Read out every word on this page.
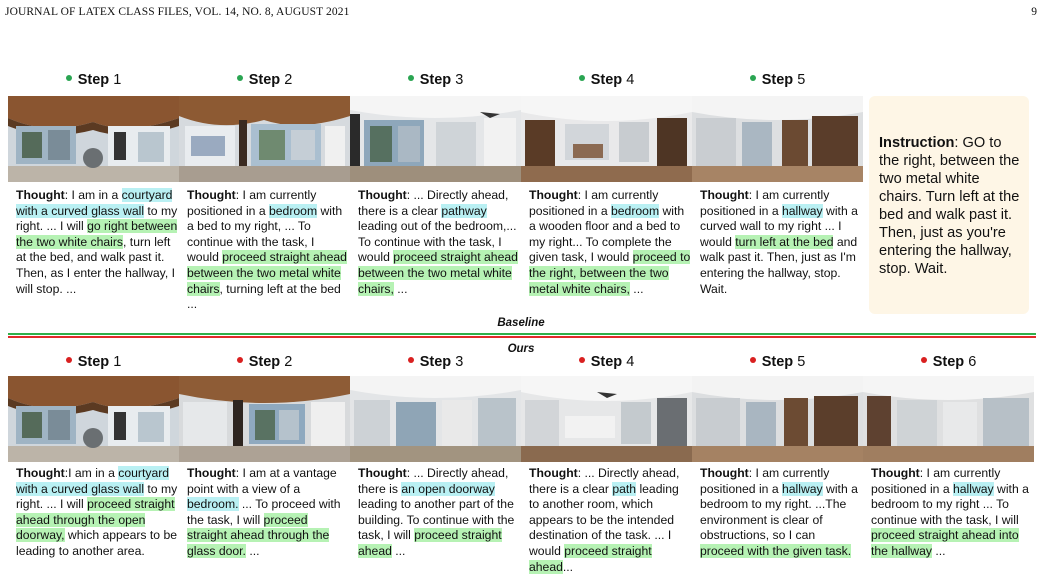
JOURNAL OF LATEX CLASS FILES, VOL. 14, NO. 8, AUGUST 2021	9
Step 1	Step 2	Step 3	Step 4	Step 5
Thought: I am in a courtyard with a curved glass wall to my right. ... I will go right between the two white chairs, turn left at the bed, and walk past it. Then, as I enter the hallway, I will stop. ...
Thought: I am currently positioned in a bedroom with a bed to my right, ... To continue with the task, I would proceed straight ahead between the two metal white chairs, turning left at the bed ...
Thought: ... Directly ahead, there is a clear pathway leading out of the bedroom,... To continue with the task, I would proceed straight ahead between the two metal white chairs, ...
Thought: I am currently positioned in a bedroom with a wooden floor and a bed to my right... To complete the given task, I would proceed to the right, between the two metal white chairs, ...
Thought: I am currently positioned in a hallway with a curved wall to my right ... I would turn left at the bed and walk past it. Then, just as I'm entering the hallway, stop. Wait.
Instruction: GO to the right, between the two metal white chairs. Turn left at the bed and walk past it. Then, just as you're entering the hallway, stop. Wait.
Baseline
Ours
Step 1	Step 2	Step 3	Step 4	Step 5	Step 6
Thought:I am in a courtyard with a curved glass wall to my right. ... I will proceed straight ahead through the open doorway, which appears to be leading to another area.
Thought: I am at a vantage point with a view of a bedroom. ... To proceed with the task, I will proceed straight ahead through the glass door. ...
Thought: ... Directly ahead, there is an open doorway leading to another part of the building. To continue with the task, I will proceed straight ahead ...
Thought: ... Directly ahead, there is a clear path leading to another room, which appears to be the intended destination of the task. ... I would proceed straight ahead...
Thought: I am currently positioned in a hallway with a bedroom to my right. ...The environment is clear of obstructions, so I can proceed with the given task.
Thought: I am currently positioned in a hallway with a bedroom to my right ... To continue with the task, I will proceed straight ahead into the hallway ...
